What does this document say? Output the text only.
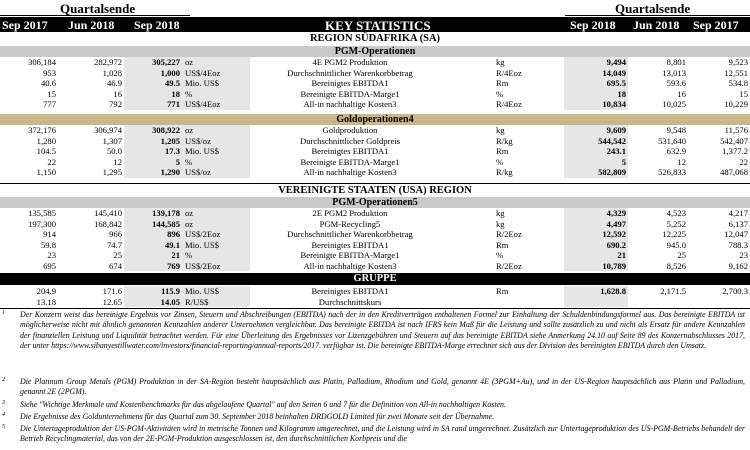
Quartalsende	Quartalsende
Sep 2017 Jun 2018 Sep 2018	KEY STATISTICS	Sep 2018 Jun 2018 Sep 2017
REGION SÜDAFRIKA (SA)
PGM-Operationen
306,184	282,972	305,227	oz	4E PGM2 Produktion		kg	9,494	8,801	9,523
953	1,028	1,000	US$/4Eoz	Durchschnittlicher Warenkorbbetrag		R/4Eoz	14,049	13,013	12,551
40.6	46.9	49.5	Mio. US$	Bereinigtes EBITDA1		Rm	695.5	593.6	534.8
15	16	18	%	Bereinigte EBITDA-Marge1		%	18	16	15
777	792	771	US$/4Eoz	All-in nachhaltige Kosten3		R/4Eoz	10,834	10,025	10,229
Goldoperationen4
372,176	306,974	308,922	oz	Goldproduktion		kg	9,609	9,548	11,576
1,280	1,307	1,205	US$/oz	Durchschnittlicher Goldpreis		R/kg	544,542	531,640	542,407
104.5	50.0	17.3	Mio. US$	Bereinigtes EBITDA1		Rm	243.1	632.9	1,377.2
22	12	5	%	Bereinigte EBITDA-Marge1		%	5	12	22
1,150	1,295	1,290	US$/oz	All-in nachhaltige Kosten3		R/kg	582,809	526,833	487,068
VEREINIGTE STAATEN (USA) REGION
PGM-Operationen5
135,585	145,410	139,178	oz	2E PGM2 Produktion		kg	4,329	4,523	4,217
197,300	168,842	144,585	oz	PGM-Recycling5		kg	4,497	5,252	6,137
914	966	896	US$/2Eoz	Durchschnittlicher Warenkorbbetrag		R/2Eoz	12,592	12,225	12,047
59.8	74.7	49.1	Mio. US$	Bereinigtes EBITDA1		Rm	690.2	945.0	788.3
23	25	21	%	Bereinigte EBITDA-Marge1		%	21	25	23
695	674	769	US$/2Eoz	All-in nachhaltige Kosten3		R/2Eoz	10,789	8,526	9,162
GRUPPE
204.9	171.6	115.9	Mio. US$	Bereinigtes EBITDA1		Rm	1,628.8	2,171.5	2,700.3
13.18	12.65	14.05	R/US$	Durchschnittskurs					
1 Der Konzern weist das bereinigte Ergebnis vor Zinsen, Steuern und Abschreibungen (EBITDA) nach der in den Kreditverträgen enthaltenen Formel zur Einhaltung der Schuldenbindungsformel aus. Das bereinigte EBITDA ist möglicherweise nicht mit ähnlich genannten Kennzahlen anderer Unternehmen vergleichbar. Das bereinigte EBITDA ist nach IFRS kein Maß für die Leistung und sollte zusätzlich zu und nicht als Ersatz für andere Kennzahlen der finanziellen Leistung und Liquidität betrachtet werden. Für eine Überleitung des Ergebnisses vor Lizenzgebühren und Steuern auf das bereinigte EBITDA siehe Anmerkung 24.10 auf Seite 89 des Konzernabschlusses 2017, der unter https://www.sibanyestillwater.com/investors/financial-reporting/annual-reports/2017. verfügbar ist. Die bereinigte EBITDA-Marge errechnet sich aus der Division des bereinigten EBITDA durch den Umsatz.
2 Die Platinum Group Metals (PGM) Produktion in der SA-Region besteht hauptsächlich aus Platin, Palladium, Rhodium und Gold, genannt 4E (3PGM+Au), und in der US-Region hauptsächlich aus Platin und Palladium, genannt 2E (2PGM).
3 Siehe "Wichtige Merkmale und Kostenbenchmarks für das abgelaufene Quartal" auf den Seiten 6 und 7 für die Definition von All-in nachhaltigen Kosten.
4 Die Ergebnisse des Goldunternehmens für das Quartal zum 30. September 2018 beinhalten DRDGOLD Limited für zwei Monate seit der Übernahme.
5 Die Untertageproduktion der US-PGM-Aktivitäten wird in metrische Tonnen und Kilogramm umgerechnet, und die Leistung wird in SA rand umgerechnet. Zusätzlich zur Untertageproduktion des US-PGM-Betriebs behandelt der Betrieb Recyclingmaterial, das von der 2E-PGM-Produktion ausgeschlossen ist, den durchschnittlichen Korbpreis und die
